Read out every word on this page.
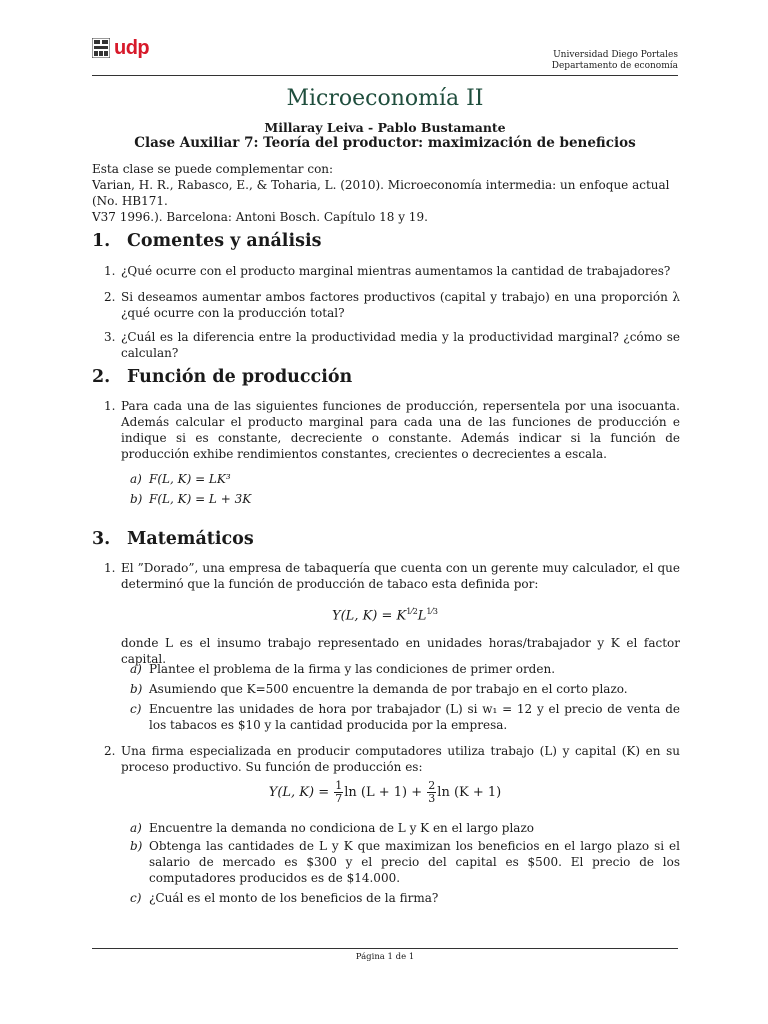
udp	Universidad Diego Portales
Departamento de economía
Microeconomía II
Millaray Leiva - Pablo Bustamante
Clase Auxiliar 7: Teoría del productor: maximización de beneficios
Esta clase se puede complementar con:
Varian, H. R., Rabasco, E., & Toharia, L. (2010). Microeconomía intermedia: un enfoque actual (No. HB171.
V37 1996.). Barcelona: Antoni Bosch. Capítulo 18 y 19.
1. Comentes y análisis
1. ¿Qué ocurre con el producto marginal mientras aumentamos la cantidad de trabajadores?
2. Si deseamos aumentar ambos factores productivos (capital y trabajo) en una proporción λ ¿qué ocurre con la producción total?
3. ¿Cuál es la diferencia entre la productividad media y la productividad marginal? ¿cómo se calculan?
2. Función de producción
1. Para cada una de las siguientes funciones de producción, repersentela por una isocuanta. Además calcular el producto marginal para cada una de las funciones de producción e indique si es constante, decreciente o constante. Además indicar si la función de producción exhibe rendimientos constantes, crecientes o decrecientes a escala.
a) F(L, K) = LK³
b) F(L, K) = L + 3K
3. Matemáticos
1. El ”Dorado”, una empresa de tabaquería que cuenta con un gerente muy calculador, el que determinó que la función de producción de tabaco esta definida por:
Y(L, $K) = K^{1⁄2}L^{1⁄3}$
donde L es el insumo trabajo representado en unidades horas/trabajador y K el factor capital.
a) Plantee el problema de la firma y las condiciones de primer orden.
b) Asumiendo que K=500 encuentre la demanda de por trabajo en el corto plazo.
c) Encuentre las unidades de hora por trabajador (L) si w₁ = 12 y el precio de venta de los tabacos es $10 y la cantidad producida por la empresa.
2. Una firma especializada en producir computadores utiliza trabajo (L) y capital (K) en su proceso productivo. Su función de producción es:
Y(L, $K) = \frac{1}{7}$ $\ln (L + 1) + \frac{2}{3}$ ln (K + 1)
a) Encuentre la demanda no condiciona de L y K en el largo plazo
b) Obtenga las cantidades de L y K que maximizan los beneficios en el largo plazo si el salario de mercado es $300 y el precio del capital es $500. El precio de los computadores producidos es de $14.000.
c) ¿Cuál es el monto de los beneficios de la firma?
Página 1 de 1
